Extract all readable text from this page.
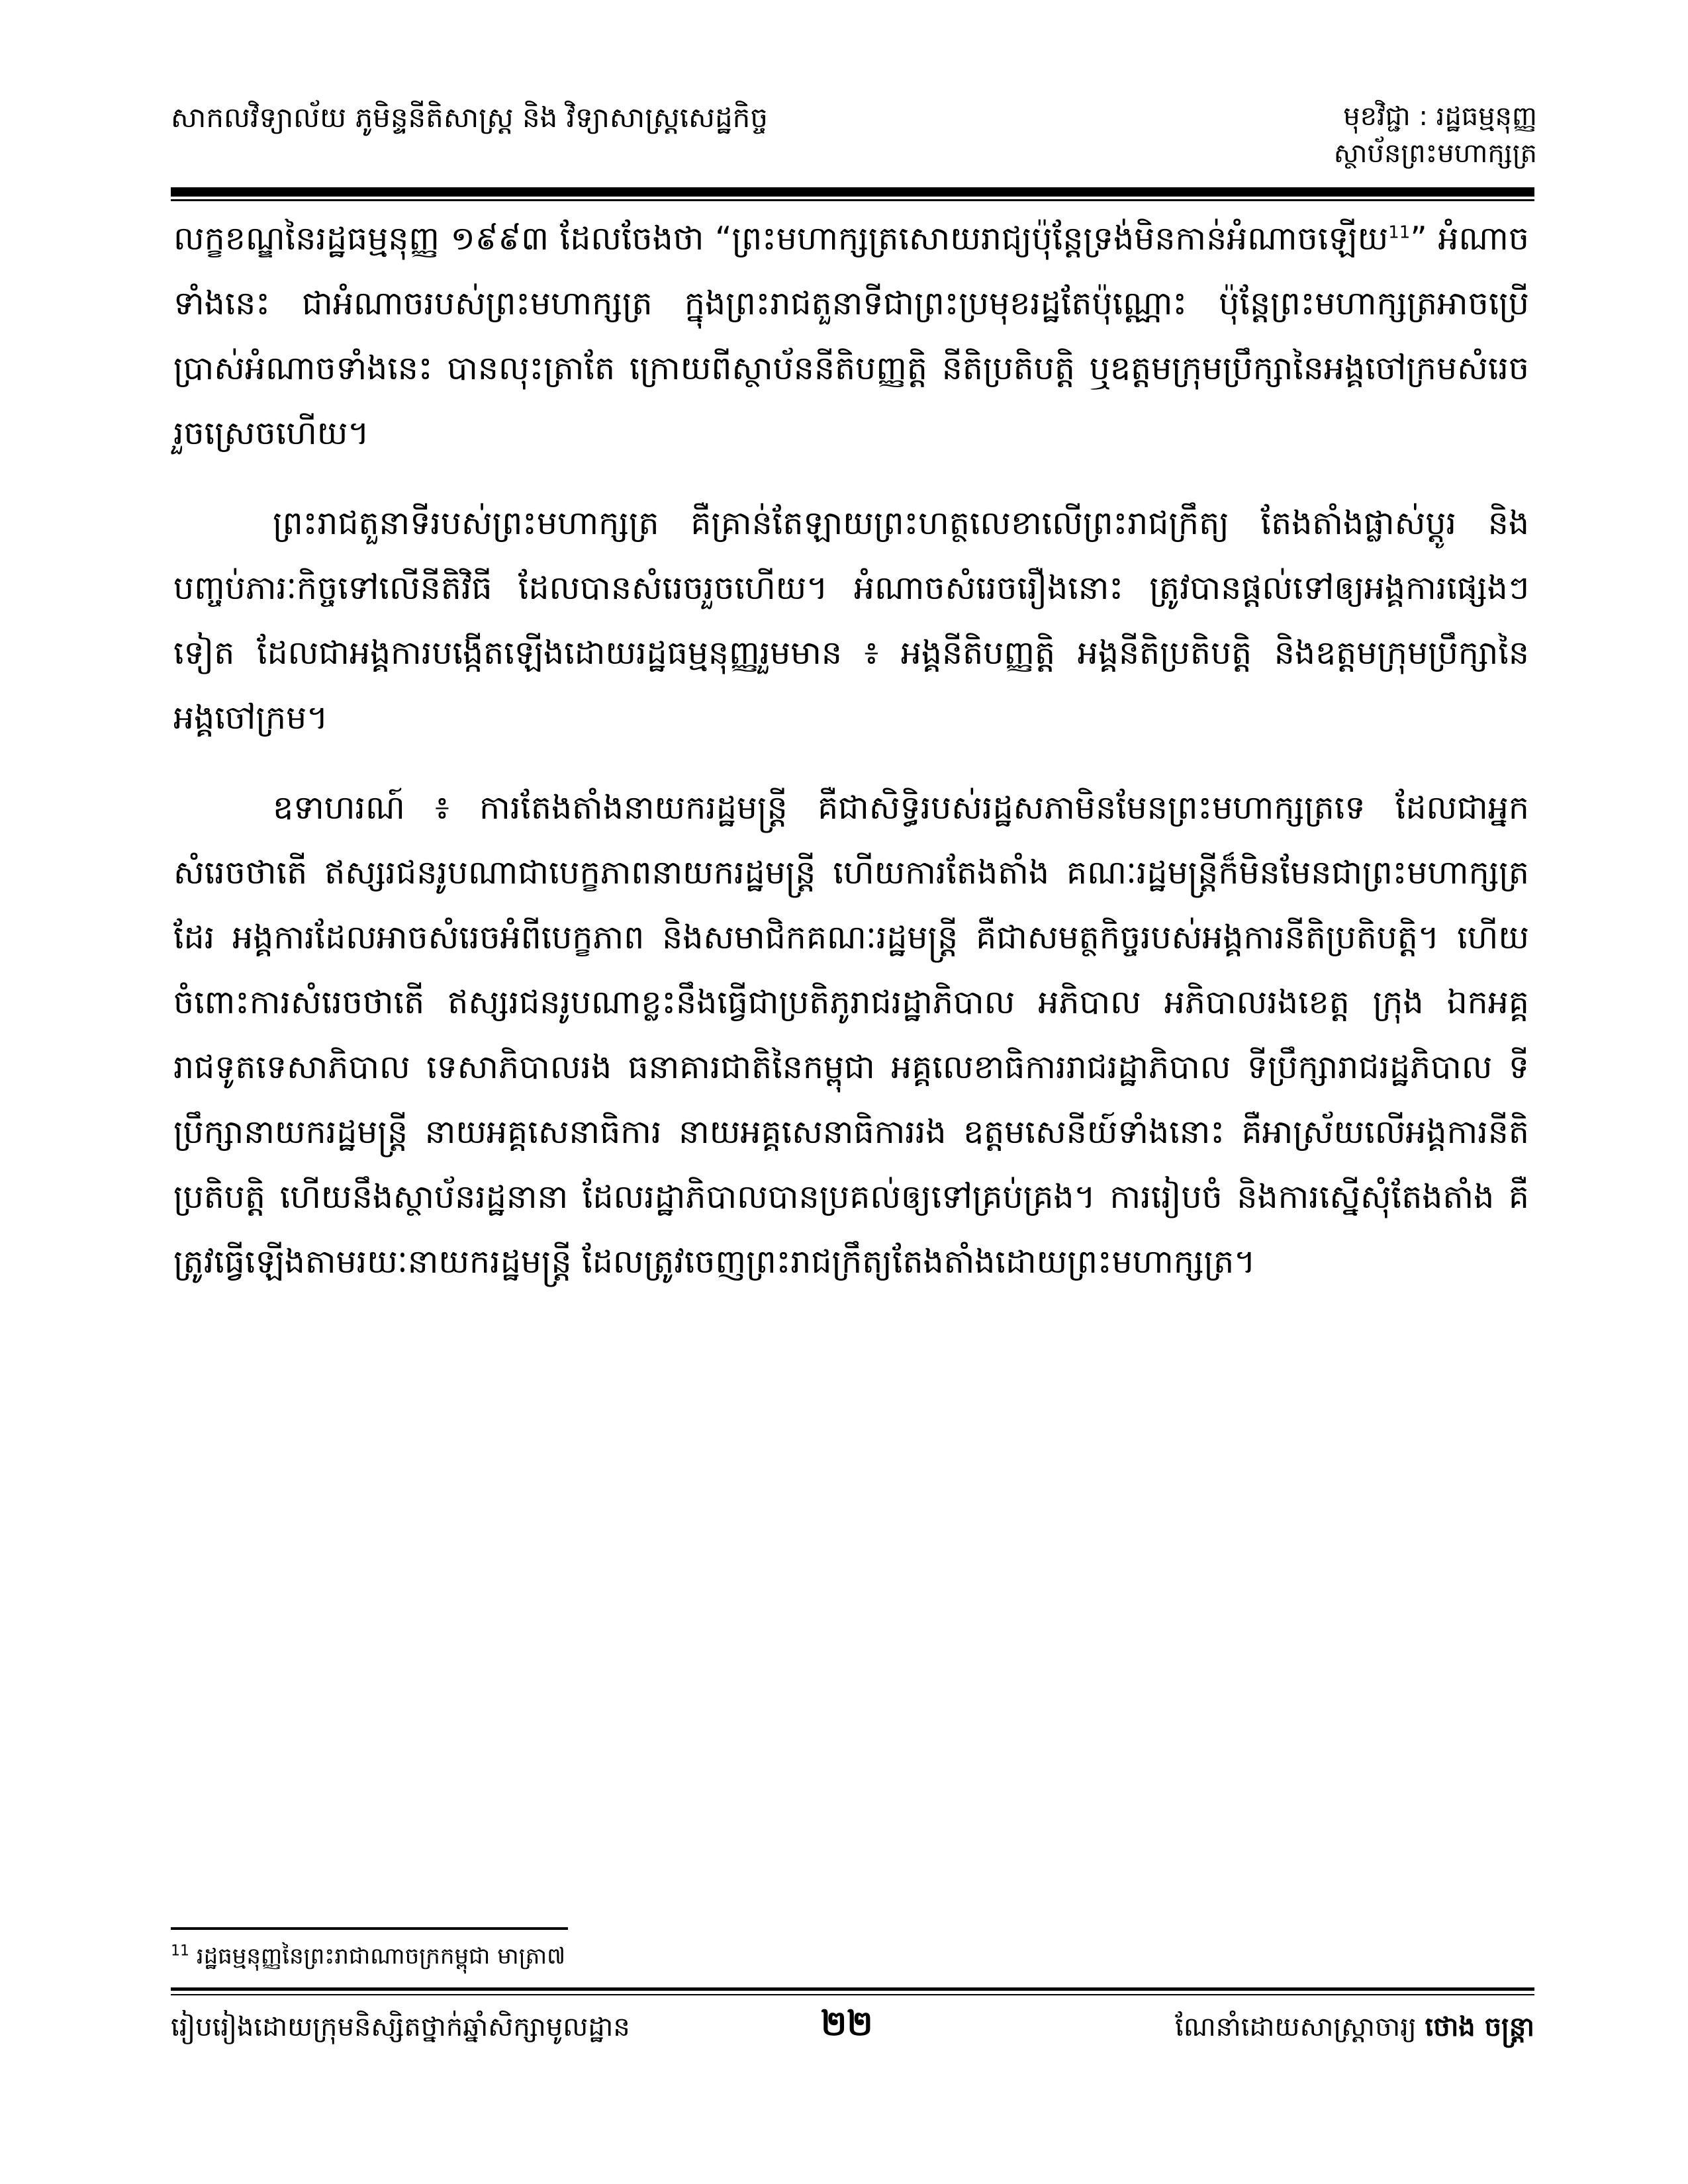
សាកលវិទ្យាល័យ ភូមិន្ទនីតិសាស្ត្រ និង វិទ្យាសាស្ត្រសេដ្ឋកិច្ច	មុខវិជ្ជា : រដ្ឋធម្មនុញ្ញ
ស្ថាប័នព្រះមហាក្សត្រ

លក្ខខណ្ឌនៃរដ្ឋធម្មនុញ្ញ ១៩៩៣ ដែលចែងថា “ព្រះមហាក្សត្រសោយរាជ្យប៉ុន្តែទ្រង់មិនកាន់អំណាចឡើយ$^{11}$” អំណាចទាំងនេះ ជាអំណាចរបស់ព្រះមហាក្សត្រ ក្នុងព្រះរាជតួនាទីជាព្រះប្រមុខរដ្ឋតែប៉ុណ្ណោះ ប៉ុន្តែព្រះមហាក្សត្រអាចប្រើប្រាស់អំណាចទាំងនេះ បានលុះត្រាតែ ក្រោយពីស្ថាប័ននីតិបញ្ញត្តិ នីតិប្រតិបត្តិ ឬឧត្តមក្រុមប្រឹក្សានៃអង្គចៅក្រមសំរេចរួចស្រេចហើយ។

ព្រះរាជតួនាទីរបស់ព្រះមហាក្សត្រ គឺគ្រាន់តែឡាយព្រះហត្ថលេខាលើព្រះរាជក្រឹត្យ តែងតាំងផ្លាស់ប្តូរ និងបញ្ចប់ភារៈកិច្ចទៅលើនីតិវិធី ដែលបានសំរេចរួចហើយ។ អំណាចសំរេចរឿងនោះ ត្រូវបានផ្តល់ទៅឲ្យអង្គការផ្សេងៗទៀត ដែលជាអង្គការបង្កើតឡើងដោយរដ្ឋធម្មនុញ្ញរួមមាន ៖ អង្គនីតិបញ្ញត្តិ អង្គនីតិប្រតិបត្តិ និងឧត្តមក្រុមប្រឹក្សានៃអង្គចៅក្រម។

ឧទាហរណ៍ ៖ ការតែងតាំងនាយករដ្ឋមន្ត្រី គឺជាសិទ្ធិរបស់រដ្ឋសភាមិនមែនព្រះមហាក្សត្រទេ ដែលជាអ្នកសំរេចថាតើ ឥស្សរជនរូបណាជាបេក្ខភាពនាយករដ្ឋមន្ត្រី ហើយការតែងតាំង គណៈរដ្ឋមន្ត្រីក៏មិនមែនជាព្រះមហាក្សត្រដែរ អង្គការដែលអាចសំរេចអំពីបេក្ខភាព និងសមាជិកគណៈរដ្ឋមន្ត្រី គឺជាសមត្ថកិច្ចរបស់អង្គការនីតិប្រតិបត្តិ។ ហើយចំពោះការសំរេចថាតើ ឥស្សរជនរូបណាខ្លះនឹងធ្វើជាប្រតិភូរាជរដ្ឋាភិបាល អភិបាល អភិបាលរងខេត្ត ក្រុង ឯកអគ្គរាជទូតទេសាភិបាល ទេសាភិបាលរង ធនាគារជាតិនៃកម្ពុជា អគ្គលេខាធិការរាជរដ្ឋាភិបាល ទីប្រឹក្សារាជរដ្ឋភិបាល ទីប្រឹក្សានាយករដ្ឋមន្ត្រី នាយអគ្គសេនាធិការ នាយអគ្គសេនាធិការរង ឧត្តមសេនីយ៍ទាំងនោះ គឺអាស្រ័យលើអង្គការនីតិប្រតិបត្តិ ហើយនឹងស្ថាប័នរដ្ឋនានា ដែលរដ្ឋាភិបាលបានប្រគល់ឲ្យទៅគ្រប់គ្រង។ ការរៀបចំ និងការស្នើសុំតែងតាំង គឺត្រូវធ្វើឡើងតាមរយៈនាយករដ្ឋមន្ត្រី ដែលត្រូវចេញព្រះរាជក្រឹត្យតែងតាំងដោយព្រះមហាក្សត្រ។

$^{11}$ រដ្ឋធម្មនុញ្ញនៃព្រះរាជាណាចក្រកម្ពុជា មាត្រា៧
រៀបរៀងដោយក្រុមនិស្សិតថ្នាក់ឆ្នាំសិក្សាមូលដ្ឋាន	២២	ណែនាំដោយសាស្ត្រាចារ្យ ថោង ចន្ត្រា
